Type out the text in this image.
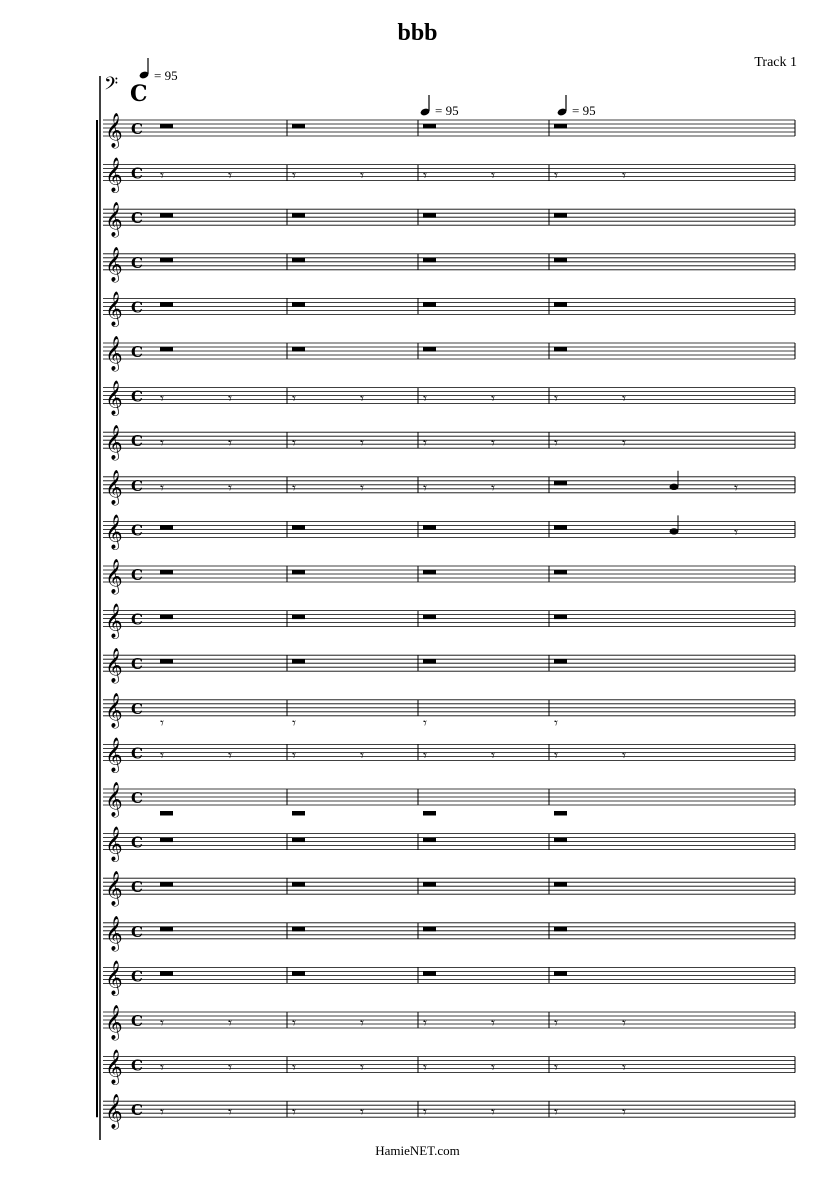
bbb
Track 1
= 95
= 95	= 95
𝄢 C
𝄞 C
𝄞 C 𝄾	𝄾	𝄾	𝄾	𝄾	𝄾	𝄾	𝄾
𝄞 C
𝄞 C
𝄞 C
𝄞 C
𝄞 C 𝄾	𝄾	𝄾	𝄾	𝄾	𝄾	𝄾	𝄾
𝄞 C 𝄾	𝄾	𝄾	𝄾	𝄾	𝄾	𝄾	𝄾
𝄞 C 𝄾	𝄾	𝄾	𝄾	𝄾	𝄾	𝄾
𝄞 C	𝄾
𝄞 C
𝄞 C
𝄞 C
𝄞 C
𝄾	𝄾	𝄾	𝄾
𝄞 C 𝄾	𝄾	𝄾	𝄾	𝄾	𝄾	𝄾	𝄾
𝄞 C
𝄞 C
𝄞 C
𝄞 C
𝄞 C
𝄞 C 𝄾	𝄾	𝄾	𝄾	𝄾	𝄾	𝄾	𝄾
𝄞 C 𝄾	𝄾	𝄾	𝄾	𝄾	𝄾	𝄾	𝄾
𝄞 C 𝄾	𝄾	𝄾	𝄾	𝄾	𝄾	𝄾	𝄾
HamieNET.com
